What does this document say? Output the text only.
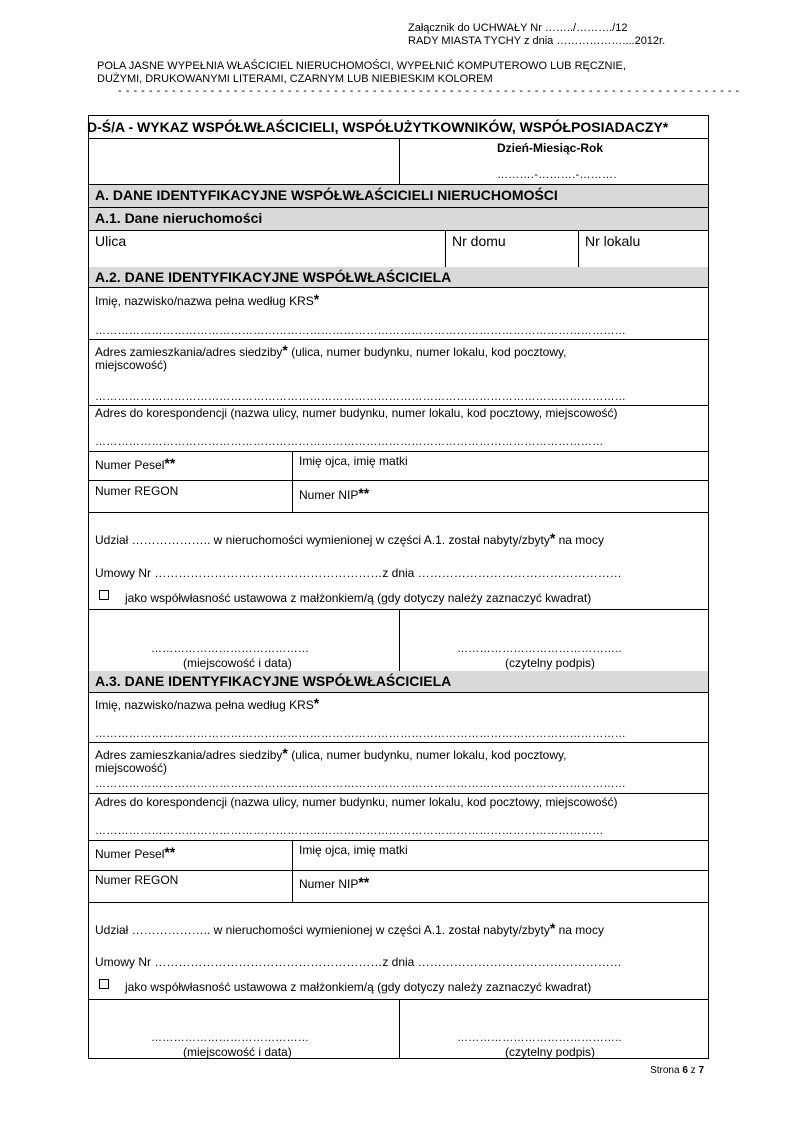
Załącznik do UCHWAŁY Nr ……../………./12
RADY MIASTA TYCHY z dnia ………………....2012r.
POLA JASNE WYPEŁNIA WŁAŚCICIEL NIERUCHOMOŚCI, WYPEŁNIĆ KOMPUTEROWO LUB RĘCZNIE,
DUŻYMI, DRUKOWANYMI LITERAMI, CZARNYM LUB NIEBIESKIM KOLOREM
- - - - - - - - - - - - - - - - - - - - - - - - - - - - - - - - - - - - - - - - - - - - - - - - - - - - - - - - - - - - - - - - - - - - - - - - - - - - - - - - -
D-Ś/A - WYKAZ WSPÓŁWŁAŚCICIELI, WSPÓŁUŻYTKOWNIKÓW, WSPÓŁPOSIADACZY*
Dzień-Miesiąc-Rok
……….-……….-……….
A. DANE IDENTYFIKACYJNE WSPÓŁWŁAŚCICIELI NIERUCHOMOŚCI
A.1. Dane nieruchomości
Ulica	Nr domu	Nr lokalu
A.2. DANE IDENTYFIKACYJNE WSPÓŁWŁAŚCICIELA
Imię, nazwisko/nazwa pełna według KRS*
……………………………………………………………………………………………………………………………
Adres zamieszkania/adres siedziby* (ulica, numer budynku, numer lokalu, kod pocztowy,
miejscowość)
……………………………………………………………………………………………………………………………
Adres do korespondencji (nazwa ulicy, numer budynku, numer lokalu, kod pocztowy, miejscowość)
………………………………………………………………………………………………………………………
Numer Pesel**	Imię ojca, imię matki
Numer REGON	Numer NIP**
Udział ……………….. w nieruchomości wymienionej w części A.1. został nabyty/zbyty* na mocy
Umowy Nr …………………………………………………z dnia ……………………………………………
jako współwłasność ustawowa z małżonkiem/ą (gdy dotyczy należy zaznaczyć kwadrat)
……………………………………
(miejscowość i data)
……………………………………..
(czytelny podpis)
A.3. DANE IDENTYFIKACYJNE WSPÓŁWŁAŚCICIELA
Imię, nazwisko/nazwa pełna według KRS*
……………………………………………………………………………………………………………………………
Adres zamieszkania/adres siedziby* (ulica, numer budynku, numer lokalu, kod pocztowy,
miejscowość)
……………………………………………………………………………………………………………………………
Adres do korespondencji (nazwa ulicy, numer budynku, numer lokalu, kod pocztowy, miejscowość)
………………………………………………………………………………………………………………………
Numer Pesel**	Imię ojca, imię matki
Numer REGON	Numer NIP**
Udział ……………….. w nieruchomości wymienionej w części A.1. został nabyty/zbyty* na mocy
Umowy Nr …………………………………………………z dnia ……………………………………………
jako współwłasność ustawowa z małżonkiem/ą (gdy dotyczy należy zaznaczyć kwadrat)
……………………………………
(miejscowość i data)
……………………………………..
(czytelny podpis)
Strona 6 z 7
